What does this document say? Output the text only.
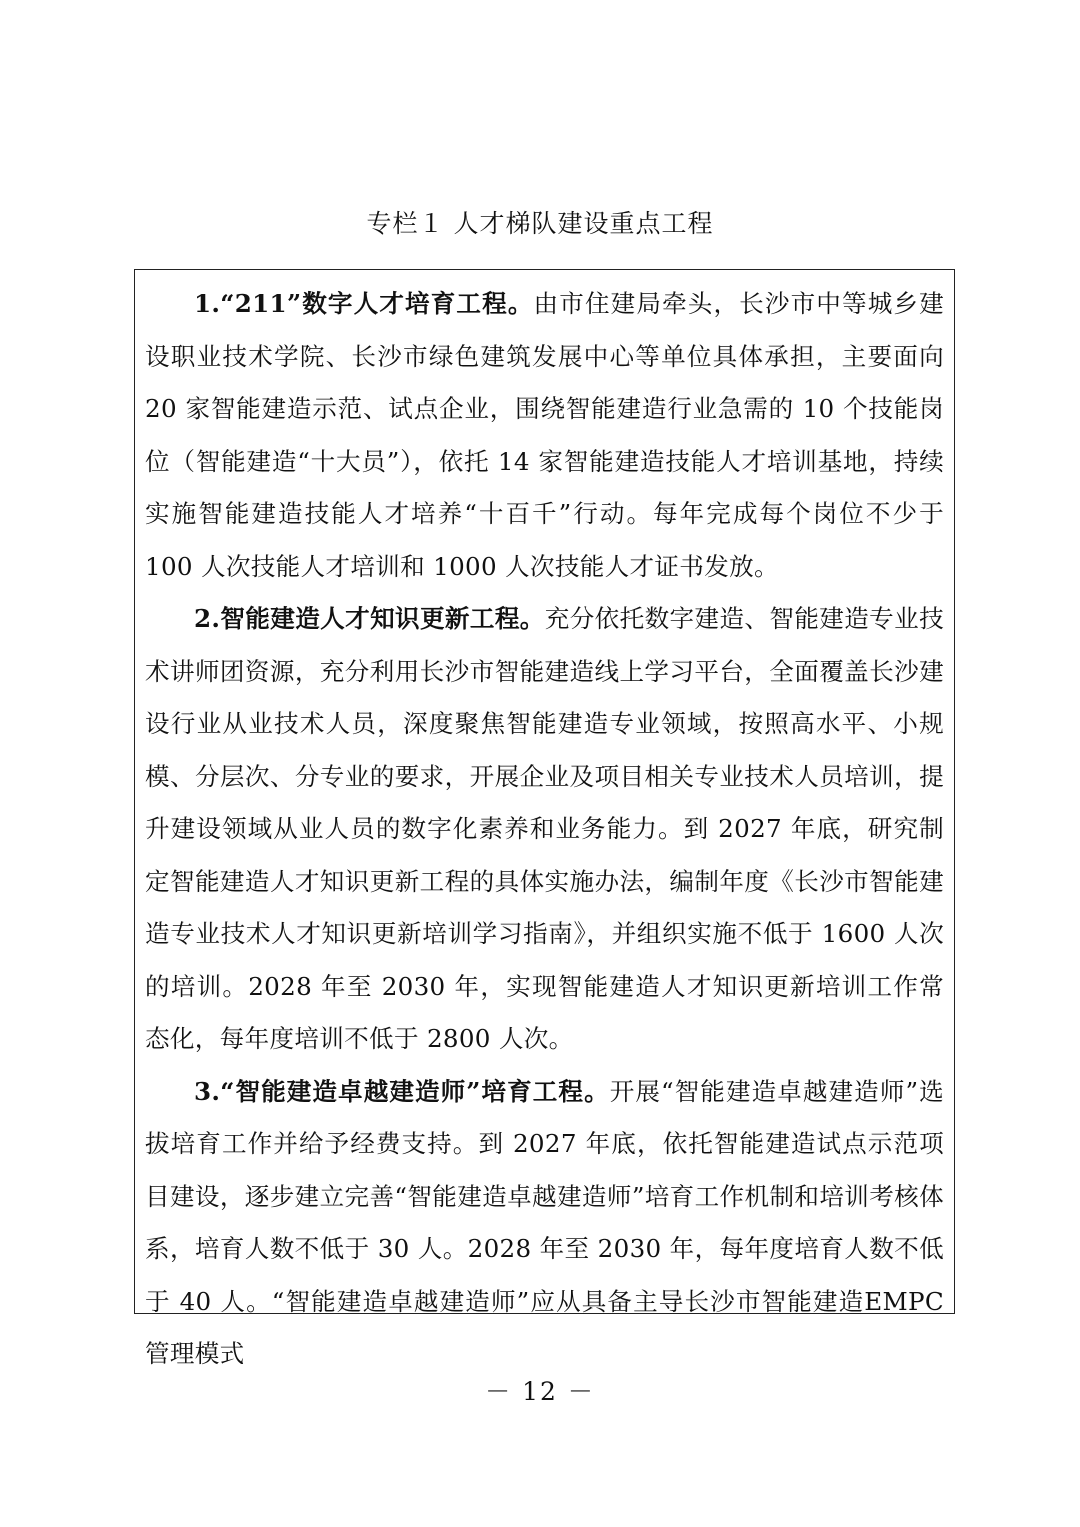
专栏１ 人才梯队建设重点工程

1.“211”数字人才培育工程。由市住建局牵头，长沙市中等城乡建设职业技术学院、长沙市绿色建筑发展中心等单位具体承担，主要面向 20 家智能建造示范、试点企业，围绕智能建造行业急需的 10 个技能岗位（智能建造“十大员”），依托 14 家智能建造技能人才培训基地，持续实施智能建造技能人才培养“十百千”行动。每年完成每个岗位不少于 100 人次技能人才培训和 1000 人次技能人才证书发放。

2.智能建造人才知识更新工程。充分依托数字建造、智能建造专业技术讲师团资源，充分利用长沙市智能建造线上学习平台，全面覆盖长沙建设行业从业技术人员，深度聚焦智能建造专业领域，按照高水平、小规模、分层次、分专业的要求，开展企业及项目相关专业技术人员培训，提升建设领域从业人员的数字化素养和业务能力。到 2027 年底，研究制定智能建造人才知识更新工程的具体实施办法，编制年度《长沙市智能建造专业技术人才知识更新培训学习指南》，并组织实施不低于 1600 人次的培训。2028 年至 2030 年，实现智能建造人才知识更新培训工作常态化，每年度培训不低于 2800 人次。

3.“智能建造卓越建造师”培育工程。开展“智能建造卓越建造师”选拔培育工作并给予经费支持。到 2027 年底，依托智能建造试点示范项目建设，逐步建立完善“智能建造卓越建造师”培育工作机制和培训考核体系，培育人数不低于 30 人。2028 年至 2030 年，每年度培育人数不低于 40 人。“智能建造卓越建造师”应从具备主导长沙市智能建造EMPC管理模式

－ 12 －
